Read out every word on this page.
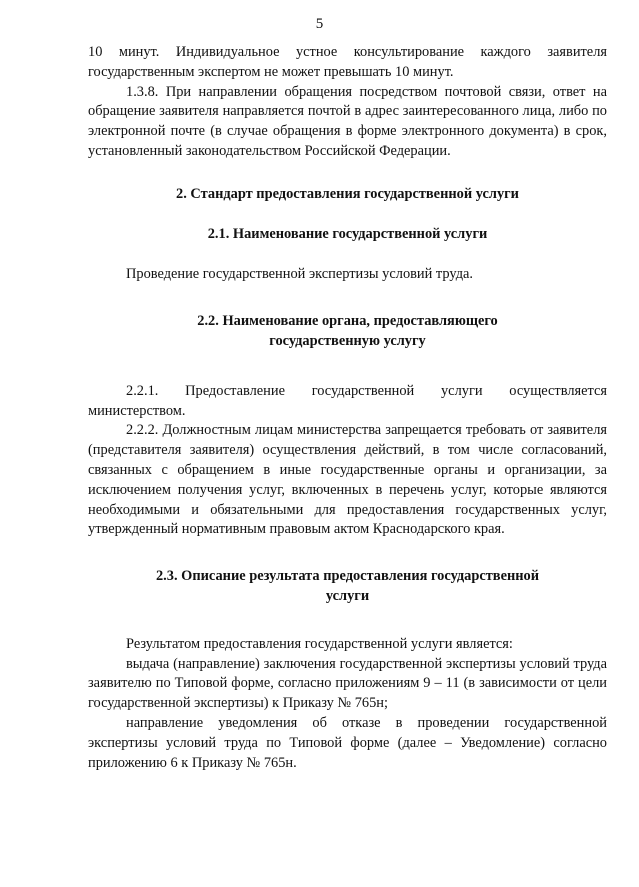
5

10 минут. Индивидуальное устное консультирование каждого заявителя государственным экспертом не может превышать 10 минут.

1.3.8. При направлении обращения посредством почтовой связи, ответ на обращение заявителя направляется почтой в адрес заинтересованного лица, либо по электронной почте (в случае обращения в форме электронного документа) в срок, установленный законодательством Российской Федерации.

2. Стандарт предоставления государственной услуги
2.1. Наименование государственной услуги

Проведение государственной экспертизы условий труда.

2.2. Наименование органа, предоставляющего
государственную услугу

2.2.1. Предоставление государственной услуги осуществляется министерством.

2.2.2. Должностным лицам министерства запрещается требовать от заявителя (представителя заявителя) осуществления действий, в том числе согласований, связанных с обращением в иные государственные органы и организации, за исключением получения услуг, включенных в перечень услуг, которые являются необходимыми и обязательными для предоставления государственных услуг, утвержденный нормативным правовым актом Краснодарского края.

2.3. Описание результата предоставления государственной
услуги

Результатом предоставления государственной услуги является:

выдача (направление) заключения государственной экспертизы условий труда заявителю по Типовой форме, согласно приложениям 9 – 11 (в зависимости от цели государственной экспертизы) к Приказу № 765н;

направление уведомления об отказе в проведении государственной экспертизы условий труда по Типовой форме (далее – Уведомление) согласно приложению 6 к Приказу № 765н.
